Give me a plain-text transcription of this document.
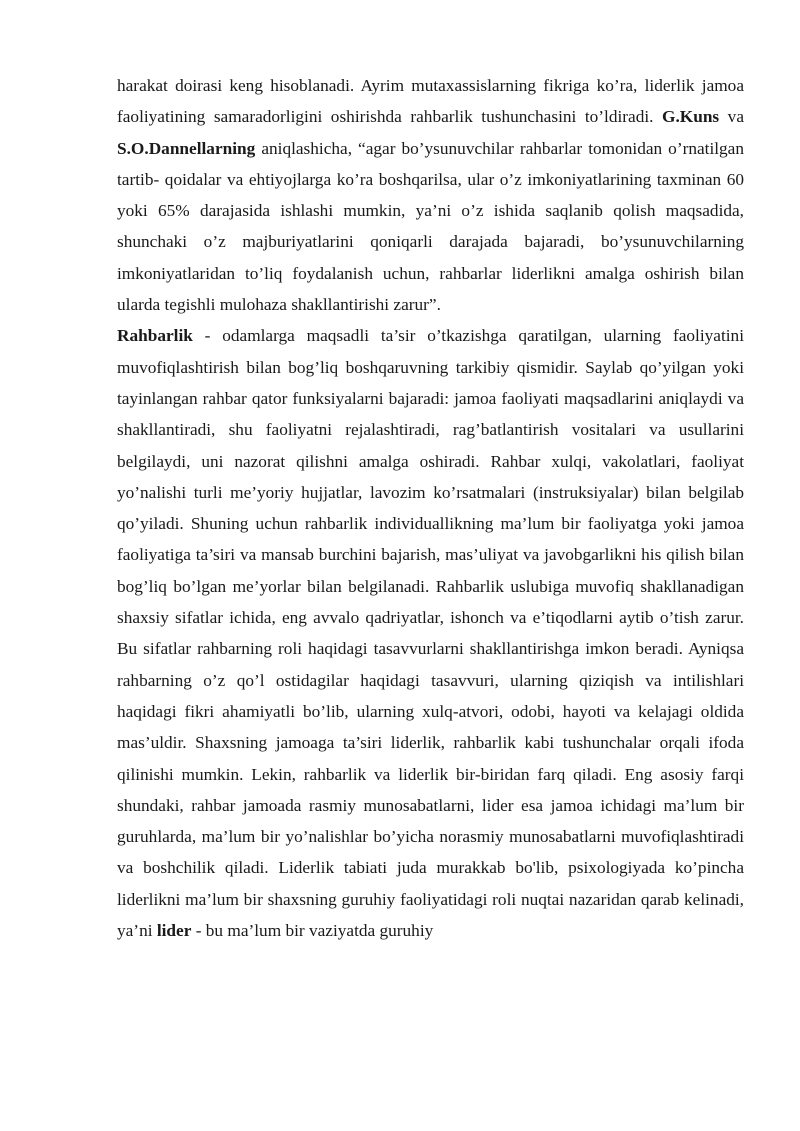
harakat doirasi keng hisoblanadi. Ayrim mutaxassislarning fikriga ko’ra, liderlik jamoa faoliyatining samaradorligini oshirishda rahbarlik tushunchasini to’ldiradi. G.Kuns va S.O.Dannellarning aniqlashicha, “agar bo’ysunuvchilar rahbarlar tomonidan o’rnatilgan tartib- qoidalar va ehtiyojlarga ko’ra boshqarilsa, ular o’z imkoniyatlarining taxminan 60 yoki 65% darajasida ishlashi mumkin, ya’ni o’z ishida saqlanib qolish maqsadida, shunchaki o’z majburiyatlarini qoniqarli darajada bajaradi, bo’ysunuvchilarning imkoniyatlaridan to’liq foydalanish uchun, rahbarlar liderlikni amalga oshirish bilan ularda tegishli mulohaza shakllantirishi zarur”.

Rahbarlik - odamlarga maqsadli ta’sir o’tkazishga qaratilgan, ularning faoliyatini muvofiqlashtirish bilan bog’liq boshqaruvning tarkibiy qismidir. Saylab qo’yilgan yoki tayinlangan rahbar qator funksiyalarni bajaradi: jamoa faoliyati maqsadlarini aniqlaydi va shakllantiradi, shu faoliyatni rejalashtiradi, rag’batlantirish vositalari va usullarini belgilaydi, uni nazorat qilishni amalga oshiradi. Rahbar xulqi, vakolatlari, faoliyat yo’nalishi turli me’yoriy hujjatlar, lavozim ko’rsatmalari (instruksiyalar) bilan belgilab qo’yiladi. Shuning uchun rahbarlik individuallikning ma’lum bir faoliyatga yoki jamoa faoliyatiga ta’siri va mansab burchini bajarish, mas’uliyat va javobgarlikni his qilish bilan bog’liq bo’lgan me’yorlar bilan belgilanadi. Rahbarlik uslubiga muvofiq shakllanadigan shaxsiy sifatlar ichida, eng avvalo qadriyatlar, ishonch va e’tiqodlarni aytib o’tish zarur. Bu sifatlar rahbarning roli haqidagi tasavvurlarni shakllantirishga imkon beradi. Ayniqsa rahbarning o’z qo’l ostidagilar haqidagi tasavvuri, ularning qiziqish va intilishlari haqidagi fikri ahamiyatli bo’lib, ularning xulq-atvori, odobi, hayoti va kelajagi oldida mas’uldir. Shaxsning jamoaga ta’siri liderlik, rahbarlik kabi tushunchalar orqali ifoda qilinishi mumkin. Lekin, rahbarlik va liderlik bir-biridan farq qiladi. Eng asosiy farqi shundaki, rahbar jamoada rasmiy munosabatlarni, lider esa jamoa ichidagi ma’lum bir guruhlarda, ma’lum bir yo’nalishlar bo’yicha norasmiy munosabatlarni muvofiqlashtiradi va boshchilik qiladi. Liderlik tabiati juda murakkab bo'lib, psixologiyada ko’pincha liderlikni ma’lum bir shaxsning guruhiy faoliyatidagi roli nuqtai nazaridan qarab kelinadi, ya’ni lider - bu ma’lum bir vaziyatda guruhiy
